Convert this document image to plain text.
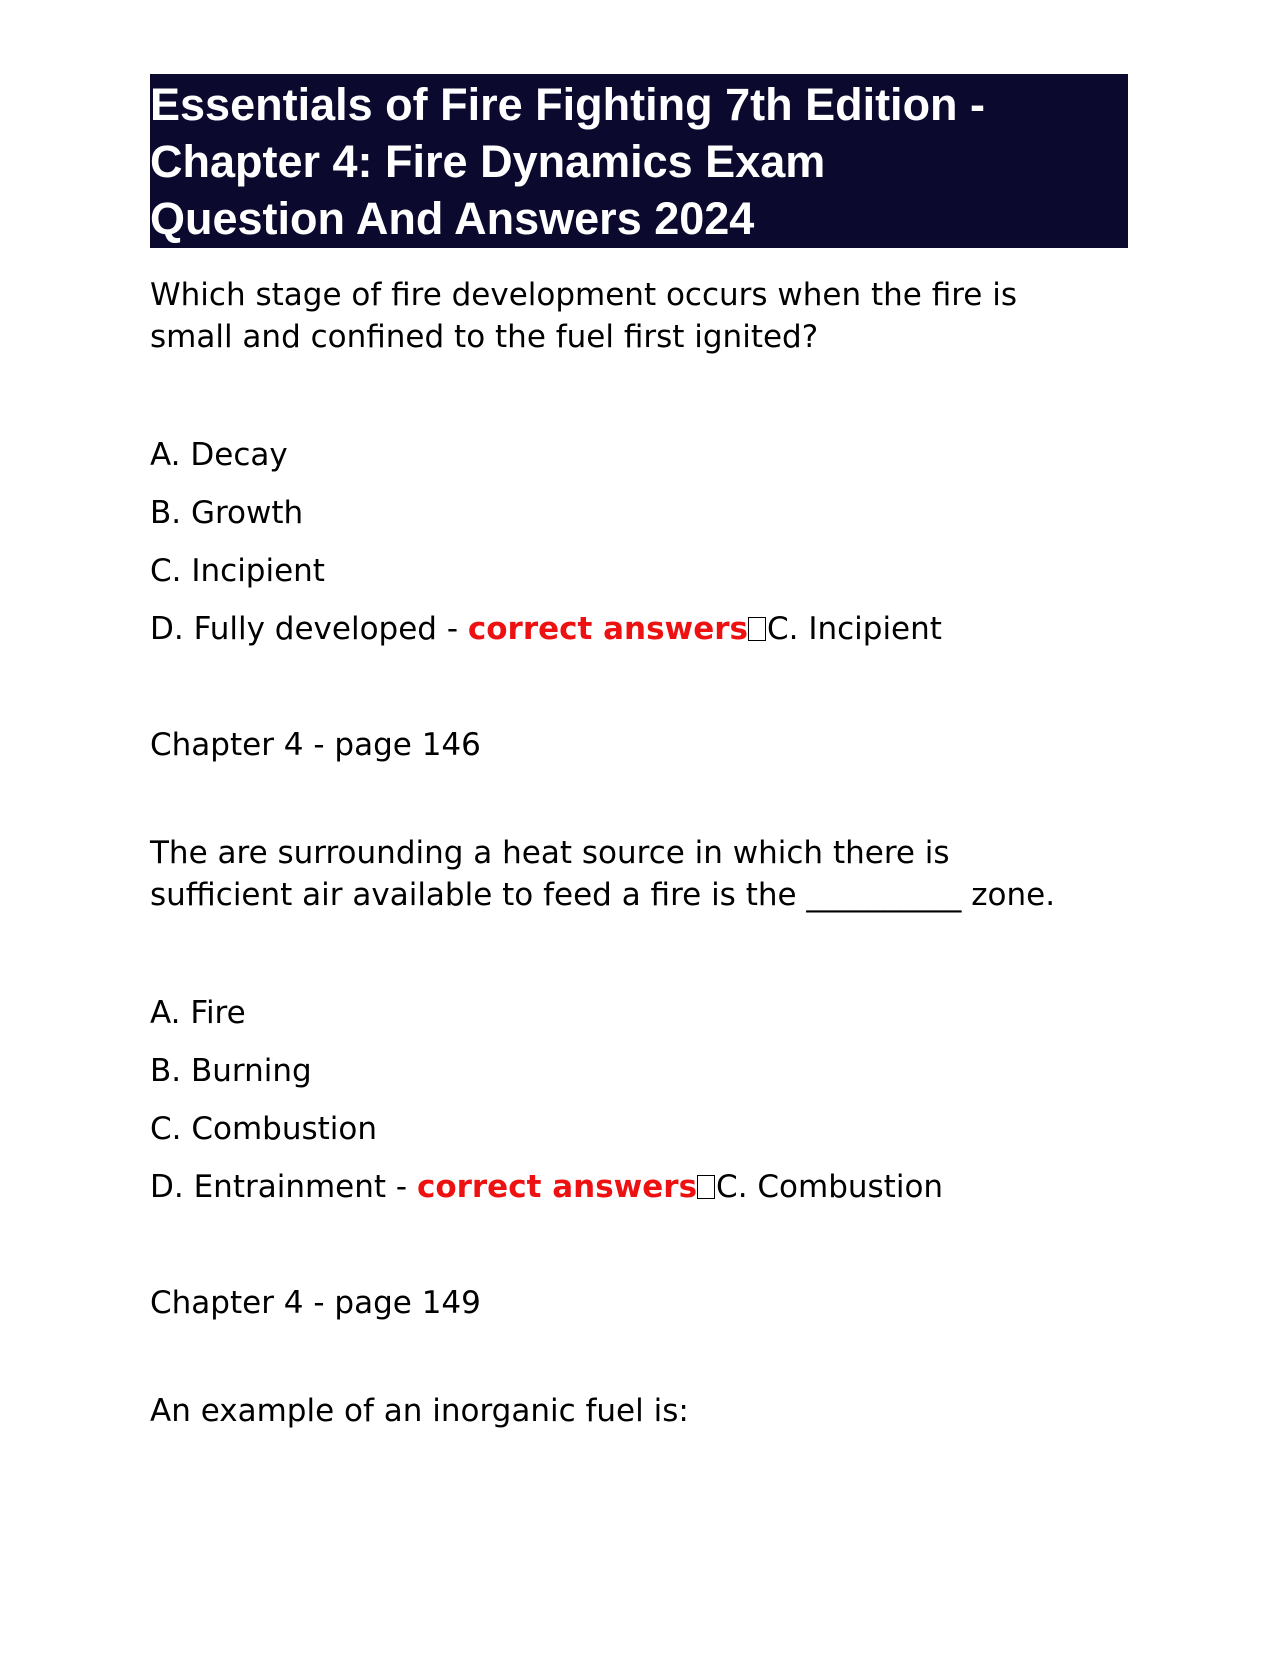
Essentials of Fire Fighting 7th Edition -
Chapter 4: Fire Dynamics Exam
Question And Answers 2024
Which stage of fire development occurs when the fire is
small and confined to the fuel first ignited?
A. Decay
B. Growth
C. Incipient
D. Fully developed - correct answers C. Incipient
Chapter 4 - page 146
The are surrounding a heat source in which there is
sufficient air available to feed a fire is the __________ zone.
A. Fire
B. Burning
C. Combustion
D. Entrainment - correct answers C. Combustion
Chapter 4 - page 149
An example of an inorganic fuel is:
